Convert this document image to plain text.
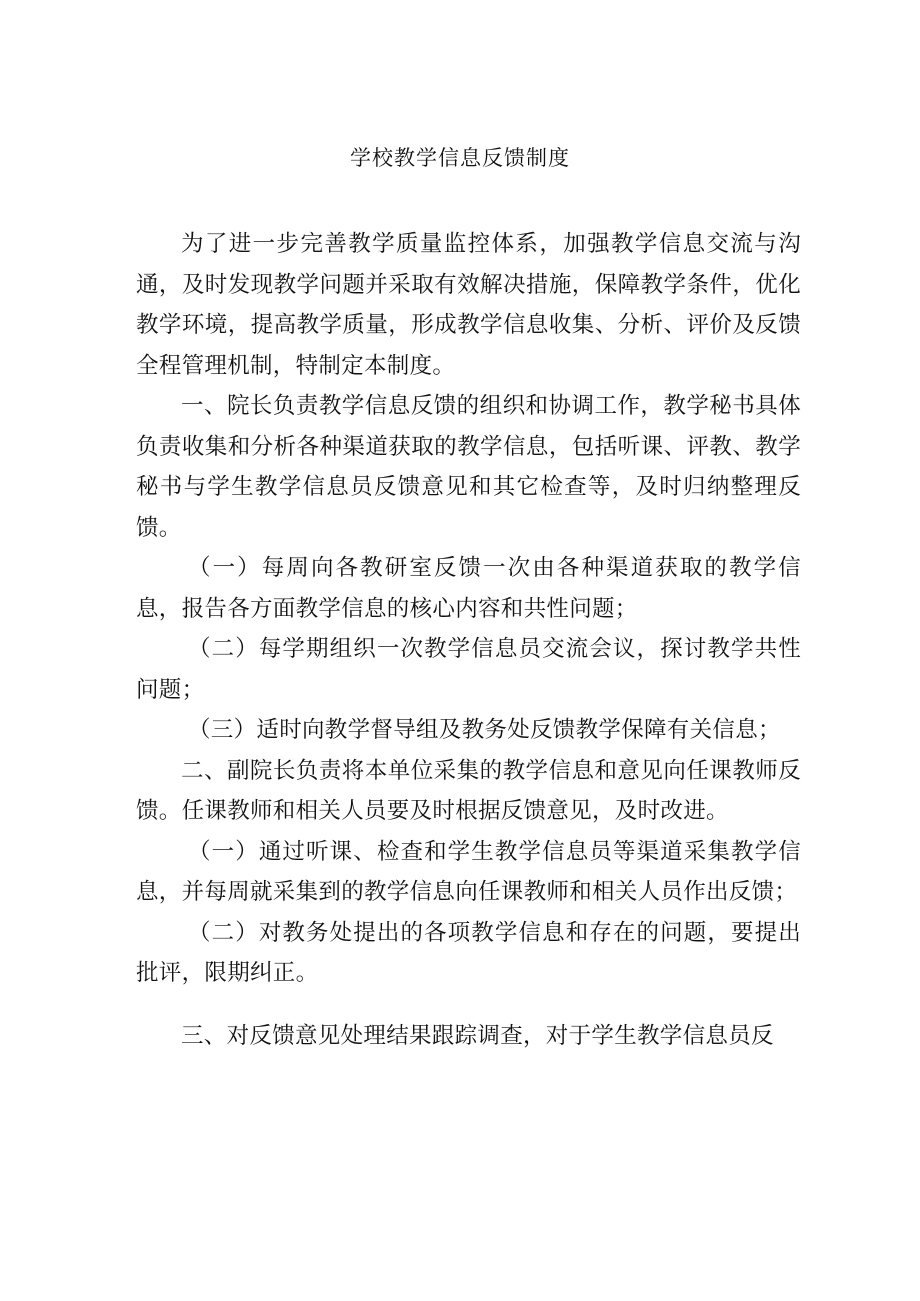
学校教学信息反馈制度

为了进一步完善教学质量监控体系，加强教学信息交流与沟通，及时发现教学问题并采取有效解决措施，保障教学条件，优化教学环境，提高教学质量，形成教学信息收集、分析、评价及反馈全程管理机制，特制定本制度。

一、院长负责教学信息反馈的组织和协调工作，教学秘书具体负责收集和分析各种渠道获取的教学信息，包括听课、评教、教学秘书与学生教学信息员反馈意见和其它检查等，及时归纳整理反馈。

（一）每周向各教研室反馈一次由各种渠道获取的教学信息，报告各方面教学信息的核心内容和共性问题；

（二）每学期组织一次教学信息员交流会议，探讨教学共性问题；

（三）适时向教学督导组及教务处反馈教学保障有关信息；

二、副院长负责将本单位采集的教学信息和意见向任课教师反馈。任课教师和相关人员要及时根据反馈意见，及时改进。

（一）通过听课、检查和学生教学信息员等渠道采集教学信息，并每周就采集到的教学信息向任课教师和相关人员作出反馈；

（二）对教务处提出的各项教学信息和存在的问题，要提出批评，限期纠正。

三、对反馈意见处理结果跟踪调查，对于学生教学信息员反
